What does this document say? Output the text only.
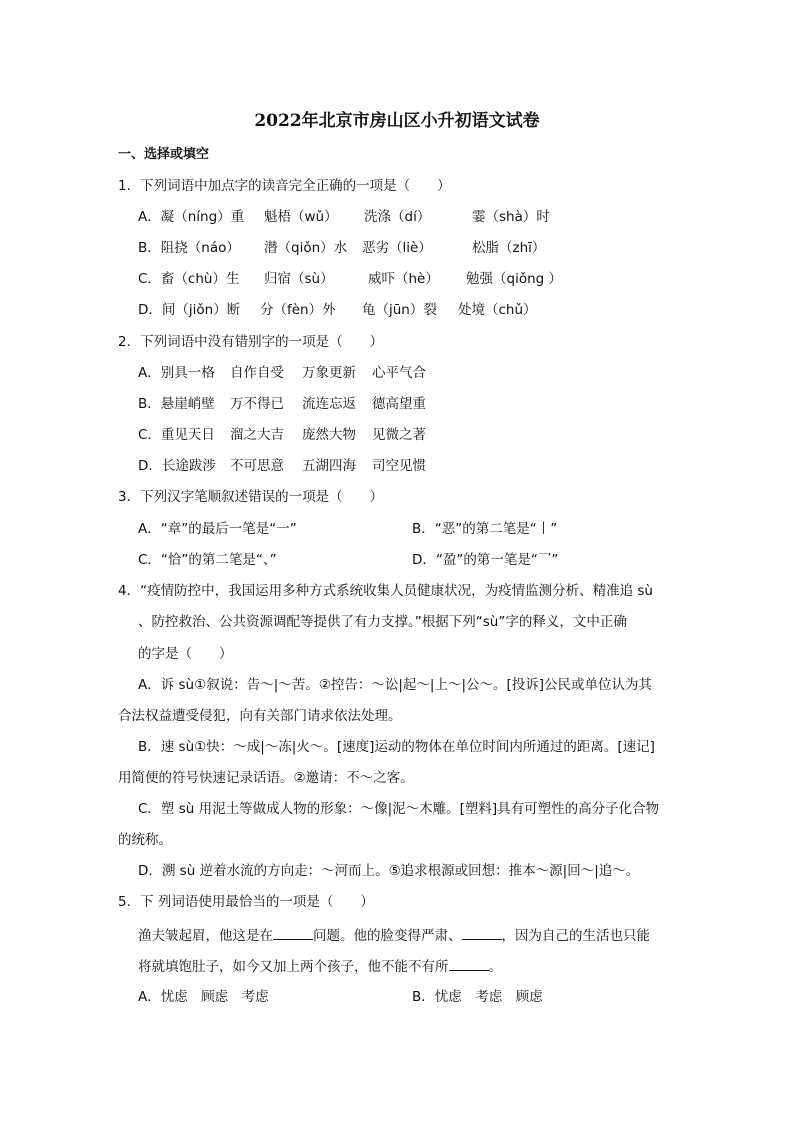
2022年北京市房山区小升初语文试卷
一、选择或填空
1．下列词语中加点字的读音完全正确的一项是（　　）
A．凝（níng）重 魁梧（wǔ） 洗涤（dí）	霎（shà）时
B．阻挠（náo） 潜（qiǒn）水 恶劣（liè）	松脂（zhī）
C．畜（chù）生 归宿（sù）	威吓（hè） 勉强（qiǒng ）
D．间（jiǒn）断 分（fèn）外 龟（jūn）裂 处境（chǔ）
2．下列词语中没有错别字的一项是（　　）
A．别具一格 自作自受 万象更新 心平气合
B．悬崖峭壁 万不得已 流连忘返 德高望重
C．重见天日 溜之大吉 庞然大物 见微之著
D．长途跋涉 不可思意 五湖四海 司空见惯
3．下列汉字笔顺叙述错误的一项是（　　）
A．“章”的最后一笔是“一”	B．“恶”的第二笔是“丨”
C．“恰”的第二笔是“、”	D．“盈”的第一笔是“乛”
4．“疫情防控中，我国运用多种方式系统收集人员健康状况，为疫情监测分析、精准追 sù
、防控救治、公共资源调配等提供了有力支撑。”根据下列“sù”字的释义，文中正确
的字是（　　）
A．诉 sù①叙说：告～|～苦。②控告：～讼|起～|上～|公～。[投诉]公民或单位认为其
合法权益遭受侵犯，向有关部门请求依法处理。
B．速 sù①快：～成|～冻|火～。[速度]运动的物体在单位时间内所通过的距离。[速记]
用简便的符号快速记录话语。②邀请：不～之客。
C．塑 sù 用泥土等做成人物的形象：～像|泥～木雕。[塑料]具有可塑性的高分子化合物
的统称。
D．溯 sù 逆着水流的方向走：～河而上。⑤追求根源或回想：推本～源|回～|追～。
5．下 列词语使用最恰当的一项是（　　）
渔夫皱起眉，他这是在	问题。他的脸变得严肃、	，因为自己的生活也只能
将就填饱肚子，如今又加上两个孩子，他不能不有所	。
A．忧虑　顾虑　考虑	B．忧虑　考虑　顾虑
